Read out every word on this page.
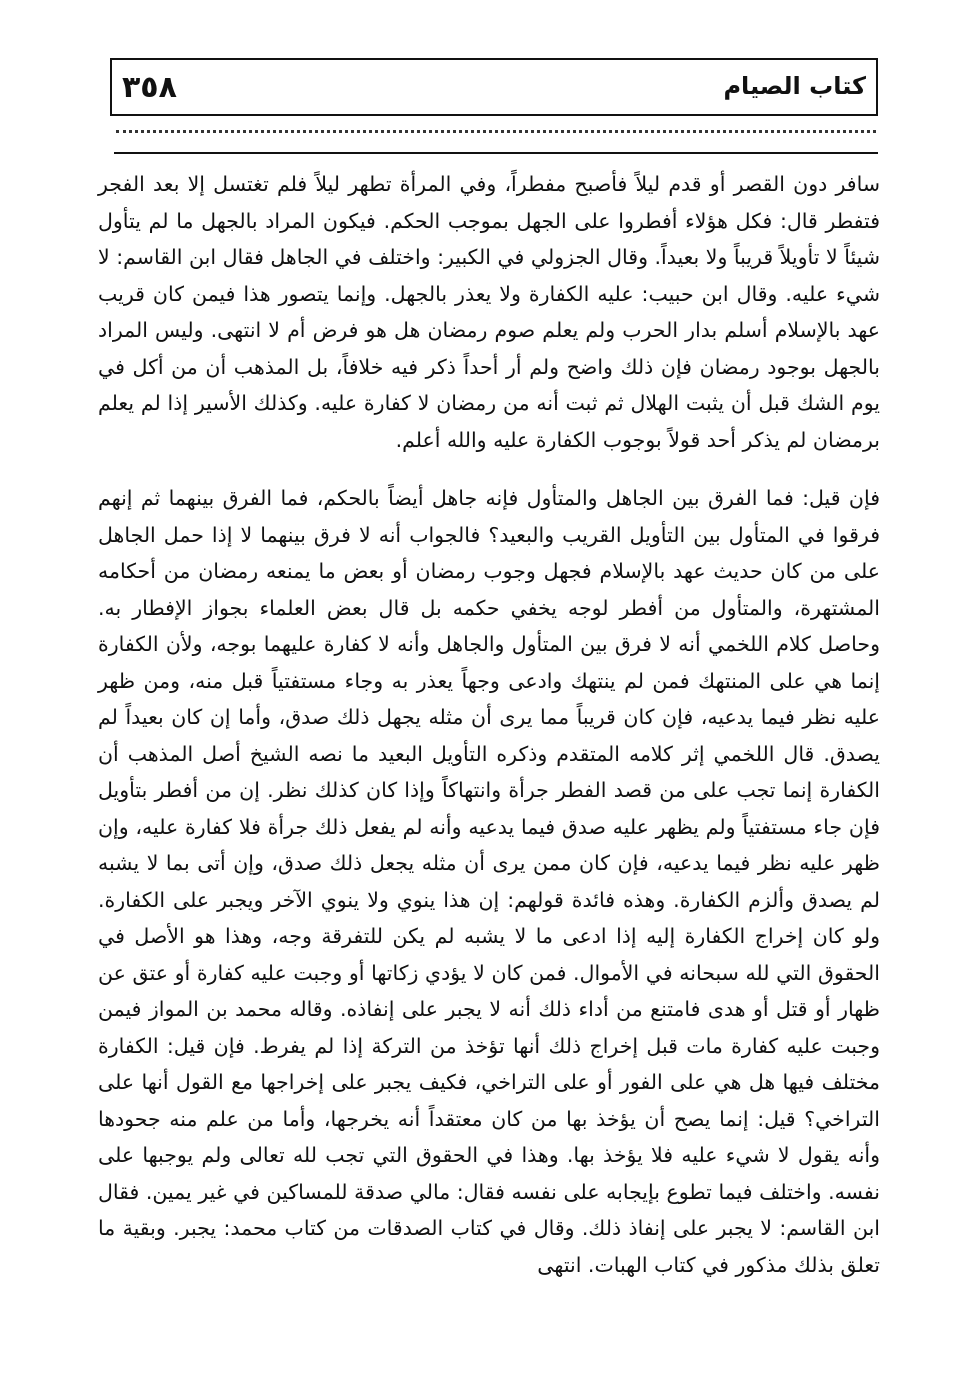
٣٥٨	كتاب الصيام

سافر دون القصر أو قدم ليلاً فأصبح مفطراً، وفي المرأة تطهر ليلاً فلم تغتسل إلا بعد الفجر فتفطر قال: فكل هؤلاء أفطروا على الجهل بموجب الحكم. فيكون المراد بالجهل ما لم يتأول شيئاً لا تأويلاً قريباً ولا بعيداً. وقال الجزولي في الكبير: واختلف في الجاهل فقال ابن القاسم: لا شيء عليه. وقال ابن حبيب: عليه الكفارة ولا يعذر بالجهل. وإنما يتصور هذا فيمن كان قريب عهد بالإسلام أسلم بدار الحرب ولم يعلم صوم رمضان هل هو فرض أم لا انتهى. وليس المراد بالجهل بوجود رمضان فإن ذلك واضح ولم أر أحداً ذكر فيه خلافاً، بل المذهب أن من أكل في يوم الشك قبل أن يثبت الهلال ثم ثبت أنه من رمضان لا كفارة عليه. وكذلك الأسير إذا لم يعلم برمضان لم يذكر أحد قولاً بوجوب الكفارة عليه والله أعلم.

فإن قيل: فما الفرق بين الجاهل والمتأول فإنه جاهل أيضاً بالحكم، فما الفرق بينهما ثم إنهم فرقوا في المتأول بين التأويل القريب والبعيد؟ فالجواب أنه لا فرق بينهما لا إذا حمل الجاهل على من كان حديث عهد بالإسلام فجهل وجوب رمضان أو بعض ما يمنعه رمضان من أحكامه المشتهرة، والمتأول من أفطر لوجه يخفي حكمه بل قال بعض العلماء بجواز الإفطار به. وحاصل كلام اللخمي أنه لا فرق بين المتأول والجاهل وأنه لا كفارة عليهما بوجه، ولأن الكفارة إنما هي على المنتهك فمن لم ينتهك وادعى وجهاً يعذر به وجاء مستفتياً قبل منه، ومن ظهر عليه نظر فيما يدعيه، فإن كان قريباً مما يرى أن مثله يجهل ذلك صدق، وأما إن كان بعيداً لم يصدق. قال اللخمي إثر كلامه المتقدم وذكره التأويل البعيد ما نصه الشيخ أصل المذهب أن الكفارة إنما تجب على من قصد الفطر جرأة وانتهاكاً وإذا كان كذلك نظر. إن من أفطر بتأويل فإن جاء مستفتياً ولم يظهر عليه صدق فيما يدعيه وأنه لم يفعل ذلك جرأة فلا كفارة عليه، وإن ظهر عليه نظر فيما يدعيه، فإن كان ممن يرى أن مثله يجعل ذلك صدق، وإن أتى بما لا يشبه لم يصدق وألزم الكفارة. وهذه فائدة قولهم: إن هذا ينوي ولا ينوي الآخر ويجبر على الكفارة. ولو كان إخراج الكفارة إليه إذا ادعى ما لا يشبه لم يكن للتفرقة وجه، وهذا هو الأصل في الحقوق التي لله سبحانه في الأموال. فمن كان لا يؤدي زكاتها أو وجبت عليه كفارة أو عتق عن ظهار أو قتل أو هدى فامتنع من أداء ذلك أنه لا يجبر على إنفاذه. وقاله محمد بن المواز فيمن وجبت عليه كفارة مات قبل إخراج ذلك أنها تؤخذ من التركة إذا لم يفرط. فإن قيل: الكفارة مختلف فيها هل هي على الفور أو على التراخي، فكيف يجبر على إخراجها مع القول أنها على التراخي؟ قيل: إنما يصح أن يؤخذ بها من كان معتقداً أنه يخرجها، وأما من علم منه جحودها وأنه يقول لا شيء عليه فلا يؤخذ بها. وهذا في الحقوق التي تجب لله تعالى ولم يوجبها على نفسه. واختلف فيما تطوع بإيجابه على نفسه فقال: مالي صدقة للمساكين في غير يمين. فقال ابن القاسم: لا يجبر على إنفاذ ذلك. وقال في كتاب الصدقات من كتاب محمد: يجبر. وبقية ما تعلق بذلك مذكور في كتاب الهبات. انتهى
